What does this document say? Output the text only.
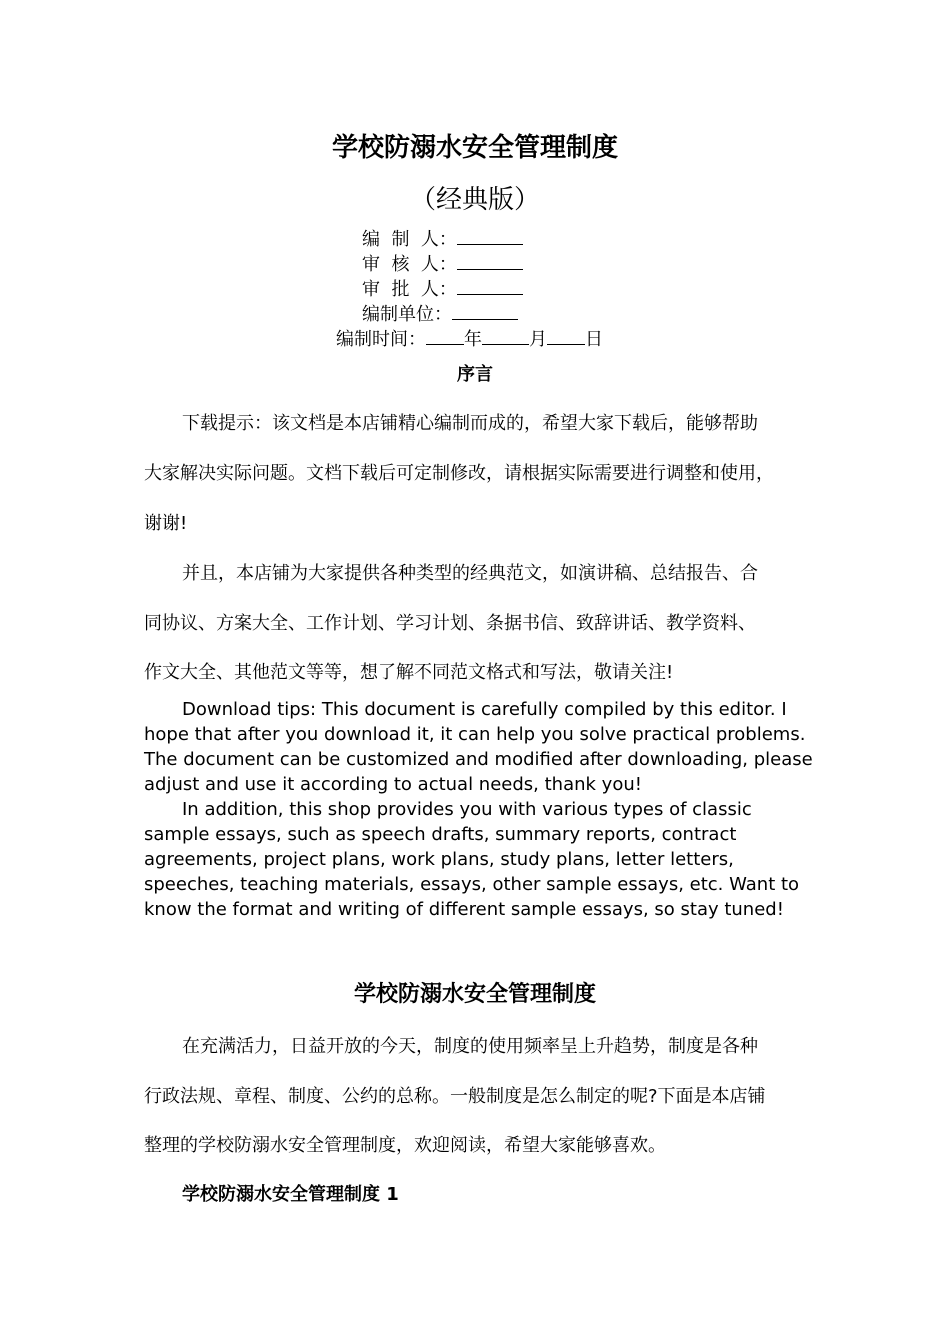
学校防溺水安全管理制度
（经典版）
编  制  人：
审  核  人：
审  批  人：
编制单位：
编制时间： 年	月 日
序言
下载提示：该文档是本店铺精心编制而成的，希望大家下载后，能够帮助
大家解决实际问题。文档下载后可定制修改，请根据实际需要进行调整和使用，
谢谢!
并且，本店铺为大家提供各种类型的经典范文，如演讲稿、总结报告、合
同协议、方案大全、工作计划、学习计划、条据书信、致辞讲话、教学资料、
作文大全、其他范文等等，想了解不同范文格式和写法，敬请关注!

Download tips: This document is carefully compiled by this editor. I hope that after you download it, it can help you solve practical problems. The document can be customized and modified after downloading, please adjust and use it according to actual needs, thank you!

In addition, this shop provides you with various types of classic sample essays, such as speech drafts, summary reports, contract agreements, project plans, work plans, study plans, letter letters, speeches, teaching materials, essays, other sample essays, etc. Want to know the format and writing of different sample essays, so stay tuned!

学校防溺水安全管理制度
在充满活力，日益开放的今天，制度的使用频率呈上升趋势，制度是各种
行政法规、章程、制度、公约的总称。一般制度是怎么制定的呢?下面是本店铺
整理的学校防溺水安全管理制度，欢迎阅读，希望大家能够喜欢。
学校防溺水安全管理制度 1
